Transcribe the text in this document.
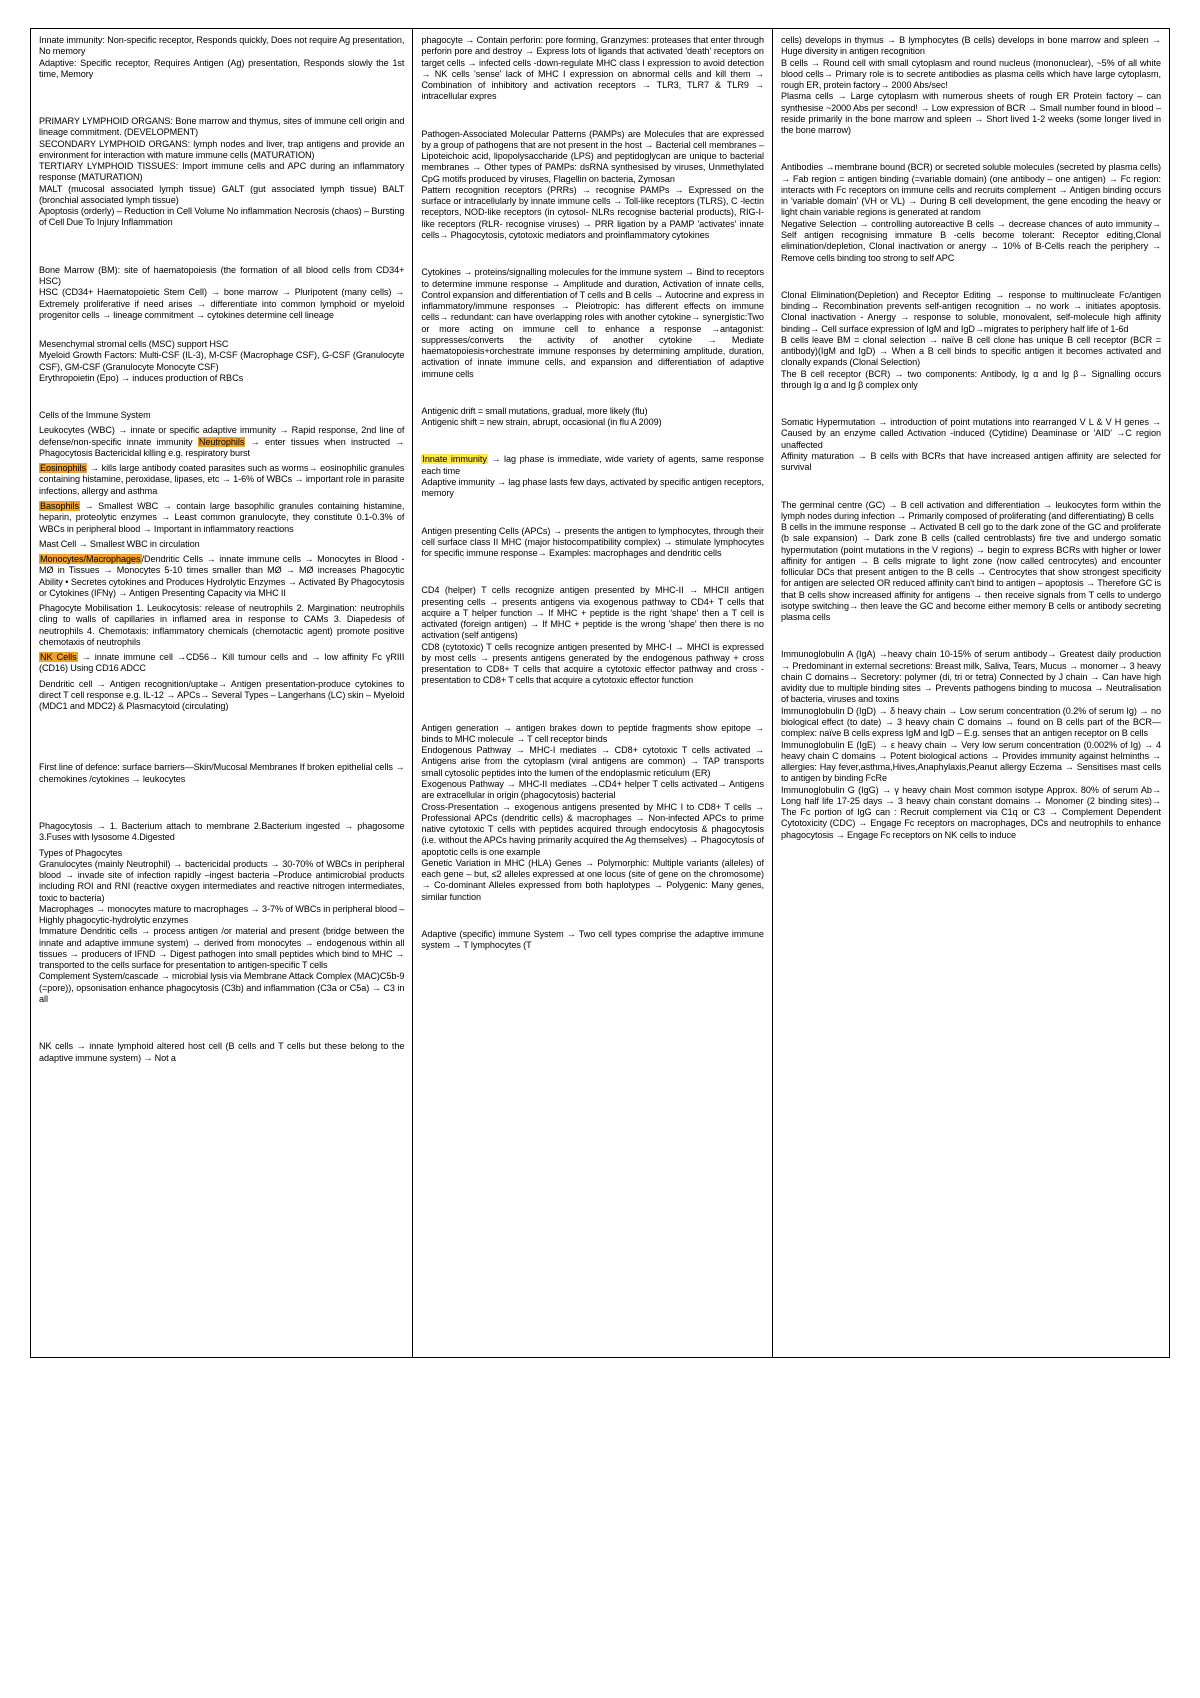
Innate immunity: Non-specific receptor, Responds quickly, Does not require Ag presentation, No memory
Adaptive: Specific receptor, Requires Antigen (Ag) presentation, Responds slowly the 1st time, Memory
PRIMARY LYMPHOID ORGANS: Bone marrow and thymus, sites of immune cell origin and lineage commitment. (DEVELOPMENT)
SECONDARY LYMPHOID ORGANS: lymph nodes and liver, trap antigens and provide an environment for interaction with mature immune cells (MATURATION)
TERTIARY LYMPHOID TISSUES: Import immune cells and APC during an inflammatory response (MATURATION)
MALT (mucosal associated lymph tissue) GALT (gut associated lymph tissue) BALT (bronchial associated lymph tissue)
Apoptosis (orderly) – Reduction in Cell Volume No inflammation Necrosis (chaos) – Bursting of Cell Due To Injury Inflammation
Bone Marrow (BM): site of haematopoiesis (the formation of all blood cells from CD34+ HSC)
HSC (CD34+ Haematopoietic Stem Cell) → bone marrow → Pluripotent (many cells) → Extremely proliferative if need arises → differentiate into common lymphoid or myeloid progenitor cells → lineage commitment → cytokines determine cell lineage
Mesenchymal stromal cells (MSC) support HSC
Myeloid Growth Factors: Multi-CSF (IL-3), M-CSF (Macrophage CSF), G-CSF (Granulocyte CSF), GM-CSF (Granulocyte Monocyte CSF)
Erythropoietin (Epo) → induces production of RBCs
Cells of the Immune System
Leukocytes (WBC) → innate or specific adaptive immunity → Rapid response, 2nd line of defense/non-specific innate immunity Neutrophils → enter tissues when instructed → Phagocytosis Bactericidal killing e.g. respiratory burst
Eosinophils → kills large antibody coated parasites such as worms→ eosinophilic granules containing histamine, peroxidase, lipases, etc → 1-6% of WBCs → important role in parasite infections, allergy and asthma
Basophils → Smallest WBC → contain large basophilic granules containing histamine, heparin, proteolytic enzymes → Least common granulocyte, they constitute 0.1-0.3% of WBCs in peripheral blood → Important in inflammatory reactions
Mast Cell → Smallest WBC in circulation
Monocytes/Macrophages/Dendritic Cells → innate immune cells → Monocytes in Blood - MØ in Tissues → Monocytes 5-10 times smaller than MØ → MØ increases Phagocytic Ability • Secretes cytokines and Produces Hydrolytic Enzymes → Activated By Phagocytosis or Cytokines (IFNγ) → Antigen Presenting Capacity via MHC II
Phagocyte Mobilisation 1. Leukocytosis: release of neutrophils 2. Margination: neutrophils cling to walls of capillaries in inflamed area in response to CAMs 3. Diapedesis of neutrophils 4. Chemotaxis: inflammatory chemicals (chemotactic agent) promote positive chemotaxis of neutrophils
NK Cells → innate immune cell →CD56→ Kill tumour cells and → low affinity Fc γRIII (CD16) Using CD16 ADCC
Dendritic cell → Antigen recognition/uptake→ Antigen presentation-produce cytokines to direct T cell response e.g. IL-12 → APCs→ Several Types – Langerhans (LC) skin – Myeloid (MDC1 and MDC2) & Plasmacytoid (circulating)
First line of defence: surface barriers—Skin/Mucosal Membranes If broken epithelial cells → chemokines /cytokines → leukocytes
Phagocytosis → 1. Bacterium attach to membrane 2.Bacterium ingested → phagosome 3.Fuses with lysosome 4.Digested
Types of Phagocytes
Granulocytes (mainly Neutrophil) → bactericidal products → 30-70% of WBCs in peripheral blood → invade site of infection rapidly –ingest bacteria –Produce antimicrobial products including ROI and RNI (reactive oxygen intermediates and reactive nitrogen intermediates, toxic to bacteria)
Macrophages → monocytes mature to macrophages → 3-7% of WBCs in peripheral blood –Highly phagocytic-hydrolytic enzymes
Immature Dendritic cells → process antigen /or material and present (bridge between the innate and adaptive immune system) → derived from monocytes → endogenous within all tissues → producers of IFND → Digest pathogen into small peptides which bind to MHC → transported to the cells surface for presentation to antigen-specific T cells
Complement System/cascade → microbial lysis via Membrane Attack Complex (MAC)C5b-9 (=pore)), opsonisation enhance phagocytosis (C3b) and inflammation (C3a or C5a) → C3 in all
NK cells → innate lymphoid altered host cell (B cells and T cells but these belong to the adaptive immune system) → Not a
phagocyte → Contain perforin: pore forming, Granzymes: proteases that enter through perforin pore and destroy → Express lots of ligands that activated 'death' receptors on target cells → infected cells -down-regulate MHC class I expression to avoid detection → NK cells 'sense' lack of MHC I expression on abnormal cells and kill them → Combination of inhibitory and activation receptors → TLR3, TLR7 & TLR9 → intracellular expres
Pathogen-Associated Molecular Patterns (PAMPs) are Molecules that are expressed by a group of pathogens that are not present in the host → Bacterial cell membranes –Lipoteichoic acid, lipopolysaccharide (LPS) and peptidoglycan are unique to bacterial membranes → Other types of PAMPs: dsRNA synthesised by viruses, Unmethylated CpG motifs produced by viruses, Flagellin on bacteria, Zymosan
Pattern recognition receptors (PRRs) → recognise PAMPs → Expressed on the surface or intracellularly by innate immune cells → Toll-like receptors (TLRS), C -lectin receptors, NOD-like receptors (in cytosol- NLRs recognise bacterial products), RIG-I-like receptors (RLR- recognise viruses) → PRR ligation by a PAMP 'activates' innate cells→ Phagocytosis, cytotoxic mediators and proinflammatory cytokines
Cytokines → proteins/signalling molecules for the immune system → Bind to receptors to determine immune response → Amplitude and duration, Activation of innate cells, Control expansion and differentiation of T cells and B cells → Autocrine and express in inflammatory/immune responses → Pleiotropic: has different effects on immune cells→ redundant: can have overlapping roles with another cytokine→ synergistic:Two or more acting on immune cell to enhance a response →antagonist: suppresses/converts the activity of another cytokine → Mediate haematopoiesis+orchestrate immune responses by determining amplitude, duration, activation of innate immune cells, and expansion and differentiation of adaptive immune cells
Antigenic drift = small mutations, gradual, more likely (flu)
Antigenic shift = new strain, abrupt, occasional (in flu A 2009)
Innate immunity → lag phase is immediate, wide variety of agents, same response each time
Adaptive immunity → lag phase lasts few days, activated by specific antigen receptors, memory
Antigen presenting Cells (APCs) → presents the antigen to lymphocytes, through their cell surface class II MHC (major histocompatibility complex) → stimulate lymphocytes for specific immune response→ Examples: macrophages and dendritic cells
CD4 (helper) T cells recognize antigen presented by MHC-II → MHCII antigen presenting cells → presents antigens via exogenous pathway to CD4+ T cells that acquire a T helper function → If MHC + peptide is the right 'shape' then a T cell is activated (foreign antigen) → If MHC + peptide is the wrong 'shape' then there is no activation (self antigens)
CD8 (cytotoxic) T cells recognize antigen presented by MHC-I → MHCI is expressed by most cells → presents antigens generated by the endogenous pathway + cross presentation to CD8+ T cells that acquire a cytotoxic effector pathway and cross -presentation to CD8+ T cells that acquire a cytotoxic effector function
Antigen generation → antigen brakes down to peptide fragments show epitope → binds to MHC molecule → T cell receptor binds
Endogenous Pathway → MHC-I mediates → CD8+ cytotoxic T cells activated → Antigens arise from the cytoplasm (viral antigens are common) → TAP transports small cytosolic peptides into the lumen of the endoplasmic reticulum (ER)
Exogenous Pathway → MHC-II mediates →CD4+ helper T cells activated→ Antigens are extracellular in origin (phagocytosis) bacterial
Cross-Presentation → exogenous antigens presented by MHC I to CD8+ T cells → Professional APCs (dendritic cells) & macrophages → Non-infected APCs to prime native cytotoxic T cells with peptides acquired through endocytosis & phagocytosis (i.e. without the APCs having primarily acquired the Ag themselves) → Phagocytosis of apoptotic cells is one example
Genetic Variation in MHC (HLA) Genes → Polymorphic: Multiple variants (alleles) of each gene – but, ≤2 alleles expressed at one locus (site of gene on the chromosome) → Co-dominant Alleles expressed from both haplotypes → Polygenic: Many genes, similar function
Adaptive (specific) immune System → Two cell types comprise the adaptive immune system → T lymphocytes (T
cells) develops in thymus → B lymphocytes (B cells) develops in bone marrow and spleen → Huge diversity in antigen recognition
B cells → Round cell with small cytoplasm and round nucleus (mononuclear), ~5% of all white blood cells→ Primary role is to secrete antibodies as plasma cells which have large cytoplasm, rough ER, protein factory→ 2000 Abs/sec!
Plasma cells → Large cytoplasm with numerous sheets of rough ER Protein factory – can synthesise ~2000 Abs per second! → Low expression of BCR → Small number found in blood – reside primarily in the bone marrow and spleen → Short lived 1-2 weeks (some longer lived in the bone marrow)
Antibodies →membrane bound (BCR) or secreted soluble molecules (secreted by plasma cells) → Fab region = antigen binding (=variable domain) (one antibody – one antigen) → Fc region: interacts with Fc receptors on immune cells and recruits complement → Antigen binding occurs in 'variable domain' (VH or VL) → During B cell development, the gene encoding the heavy or light chain variable regions is generated at random
Negative Selection → controlling autoreactive B cells → decrease chances of auto immunity→ Self antigen recognising immature B -cells become tolerant: Receptor editing,Clonal elimination/depletion, Clonal inactivation or anergy → 10% of B-Cells reach the periphery → Remove cells binding too strong to self APC
Clonal Elimination(Depletion) and Receptor Editing → response to multinucleate Fc/antigen binding→ Recombination prevents self-antigen recognition → no work → initiates apoptosis. Clonal inactivation - Anergy → response to soluble, monovalent, self-molecule high affinity binding→ Cell surface expression of IgM and IgD→migrates to periphery half life of 1-6d
B cells leave BM = clonal selection → naïve B cell clone has unique B cell receptor (BCR = antibody)(IgM and IgD) → When a B cell binds to specific antigen it becomes activated and clonally expands (Clonal Selection)
The B cell receptor (BCR) → two components: Antibody, Ig α and Ig β→ Signalling occurs through Ig α and Ig β complex only
Somatic Hypermutation → introduction of point mutations into rearranged V L & V H genes → Caused by an enzyme called Activation -induced (Cytidine) Deaminase or 'AID' →C region unaffected
Affinity maturation → B cells with BCRs that have increased antigen affinity are selected for survival
The germinal centre (GC) → B cell activation and differentiation → leukocytes form within the lymph nodes during infection → Primarily composed of proliferating (and differentiating) B cells
B cells in the immune response → Activated B cell go to the dark zone of the GC and proliferate (b sale expansion) → Dark zone B cells (called centroblasts) fire tive and undergo somatic hypermutation (point mutations in the V regions) → begin to express BCRs with higher or lower affinity for antigen → B cells migrate to light zone (now called centrocytes) and encounter follicular DCs that present antigen to the B cells → Centrocytes that show strongest specificity for antigen are selected OR reduced affinity can't bind to antigen – apoptosis → Therefore GC is that B cells show increased affinity for antigens → then receive signals from T cells to undergo isotype switching→ then leave the GC and become either memory B cells or antibody secreting plasma cells
Immunoglobulin A (IgA) →heavy chain 10-15% of serum antibody→ Greatest daily production → Predominant in external secretions: Breast milk, Saliva, Tears, Mucus → monomer→ 3 heavy chain C domains→ Secretory: polymer (di, tri or tetra) Connected by J chain → Can have high avidity due to multiple binding sites → Prevents pathogens binding to mucosa → Neutralisation of bacteria, viruses and toxins
Immunoglobulin D (IgD) → δ heavy chain → Low serum concentration (0.2% of serum Ig) → no biological effect (to date) → 3 heavy chain C domains → found on B cells part of the BCR—complex: naïve B cells express IgM and IgD – E.g. senses that an antigen receptor on B cells
Immunoglobulin E (IgE) → ε heavy chain → Very low serum concentration (0.002% of Ig) → 4 heavy chain C domains → Potent biological actions → Provides immunity against helminths → allergies: Hay fever,asthma,Hives,Anaphylaxis,Peanut allergy Eczema → Sensitises mast cells to antigen by binding FcRe
Immunoglobulin G (IgG) → γ heavy chain Most common isotype Approx. 80% of serum Ab→ Long half life 17-25 days → 3 heavy chain constant domains → Monomer (2 binding sites)→ The Fc portion of IgG can : Recruit complement via C1q or C3 → Complement Dependent Cytotoxicity (CDC) → Engage Fc receptors on macrophages, DCs and neutrophils to enhance phagocytosis → Engage Fc receptors on NK cells to induce
